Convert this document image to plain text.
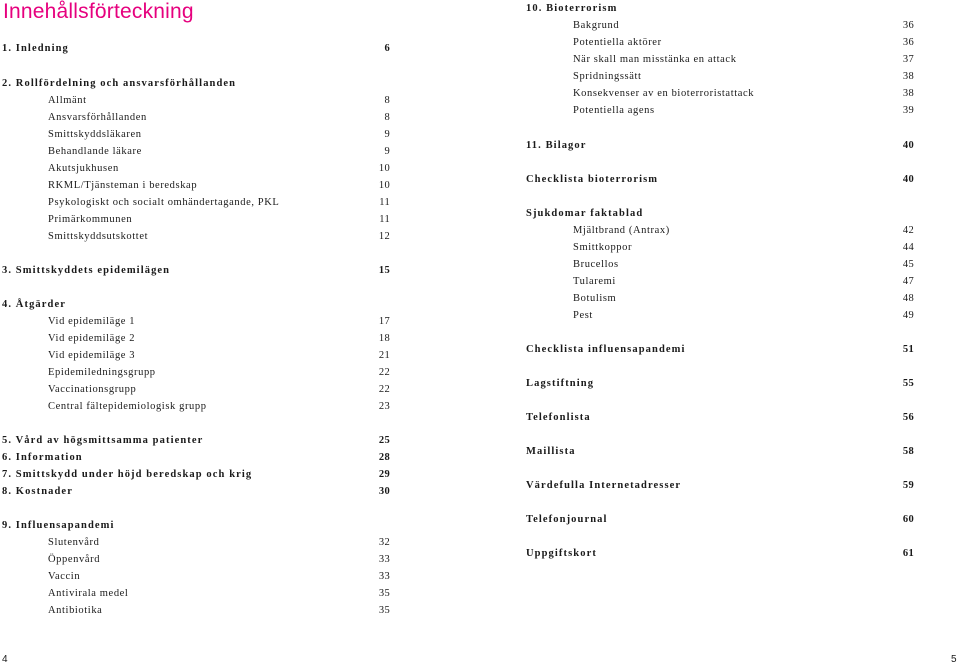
Innehållsförteckning
1. Inledning	6
2. Rollfördelning och ansvarsförhållanden
Allmänt	8
Ansvarsförhållanden	8
Smittskyddsläkaren	9
Behandlande läkare	9
Akutsjukhusen	10
RKML/Tjänsteman i beredskap	10
Psykologiskt och socialt omhändertagande, PKL	11
Primärkommunen	11
Smittskyddsutskottet	12
3. Smittskyddets epidemilägen	15
4. Åtgärder
Vid epidemiläge 1	17
Vid epidemiläge 2	18
Vid epidemiläge 3	21
Epidemiledningsgrupp	22
Vaccinationsgrupp	22
Central fältepidemiologisk grupp	23
5. Vård av högsmittsamma patienter	25
6. Information	28
7. Smittskydd under höjd beredskap och krig	29
8. Kostnader	30
9. Influensapandemi
Slutenvård	32
Öppenvård	33
Vaccin	33
Antivirala medel	35
Antibiotika	35
10. Bioterrorism
Bakgrund	36
Potentiella aktörer	36
När skall man misstänka en attack	37
Spridningssätt	38
Konsekvenser av en bioterroristattack	38
Potentiella agens	39
11. Bilagor	40
Checklista bioterrorism	40
Sjukdomar faktablad
Mjältbrand (Antrax)	42
Smittkoppor	44
Brucellos	45
Tularemi	47
Botulism	48
Pest	49
Checklista influensapandemi	51
Lagstiftning	55
Telefonlista	56
Maillista	58
Värdefulla Internetadresser	59
Telefonjournal	60
Uppgiftskort	61
4	5
